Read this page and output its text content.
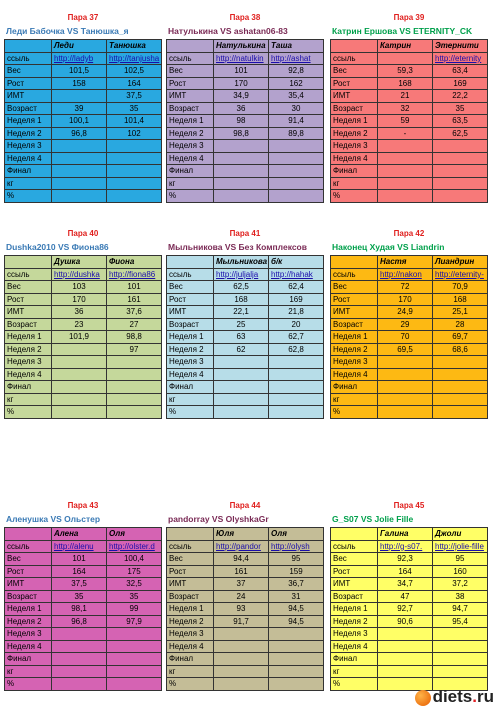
Пара 37
Леди Бабочка VS Танюшка_я
	Леди	Танюшка
ссыль	http://ladyb	http://tanjusha
Вес	101,5	102,5
Рост	158	164
ИМТ		37,5
Возраст	39	35
Неделя 1	100,1	101,4
Неделя 2	96,8	102
Неделя 3		
Неделя 4		
Финал		
кг		
%		
Пара 38
Натулькина VS ashatan06-83
	Натулькина	Таша
ссыль	http://natulkin	http://ashat
Вес	101	92,8
Рост	170	162
ИМТ	34,9	35,4
Возраст	36	30
Неделя 1	98	91,4
Неделя 2	98,8	89,8
Неделя 3		
Неделя 4		
Финал		
кг		
%		
Пара 39
Катрин Ершова VS ETERNITY_CK
	Катрин	Этернити
ссыль		http://eternity
Вес	59,3	63,4
Рост	168	169
ИМТ	21	22,2
Возраст	32	35
Неделя 1	59	63,5
Неделя 2	-	62,5
Неделя 3		
Неделя 4		
Финал		
кг		
%		
Пара 40
Dushka2010 VS Фиона86
	Душка	Фиона
ссыль	http://dushka	http://fiona86
Вес	103	101
Рост	170	161
ИМТ	36	37,6
Возраст	23	27
Неделя 1	101,9	98,8
Неделя 2		97
Неделя 3		
Неделя 4		
Финал		
кг		
%		
Пара 41
Мыльникова VS Без Комплексов
	Мыльникова	б/к
ссыль	http://juljalja	http://hahak
Вес	62,5	62,4
Рост	168	169
ИМТ	22,1	21,8
Возраст	25	20
Неделя 1	63	62,7
Неделя 2	62	62,8
Неделя 3		
Неделя 4		
Финал		
кг		
%		
Пара 42
Наконец Худая VS Liandrin
	Настя	Лиандрин
ссыль	http://nakon	http://eternity-
Вес	72	70,9
Рост	170	168
ИМТ	24,9	25,1
Возраст	29	28
Неделя 1	70	69,7
Неделя 2	69,5	68,6
Неделя 3		
Неделя 4		
Финал		
кг		
%		
Пара 43
Аленушка VS Ольстер
	Алена	Оля
ссыль	http://alenu	http://olster.d
Вес	101	100,4
Рост	164	175
ИМТ	37,5	32,5
Возраст	35	35
Неделя 1	98,1	99
Неделя 2	96,8	97,9
Неделя 3		
Неделя 4		
Финал		
кг		
%		
Пара 44
pandorray VS OlyshkaGr
	Юля	Оля
ссыль	http://pandor	http://olysh
Вес	94,4	95
Рост	161	159
ИМТ	37	36,7
Возраст	24	31
Неделя 1	93	94,5
Неделя 2	91,7	94,5
Неделя 3		
Неделя 4		
Финал		
кг		
%		
Пара 45
G_S07 VS Jolie Fille
	Галина	Джоли
ссыль	http://g-s07.	http://jolie-fille
Вес	92,3	95
Рост	164	160
ИМТ	34,7	37,2
Возраст	47	38
Неделя 1	92,7	94,7
Неделя 2	90,6	95,4
Неделя 3		
Неделя 4		
Финал		
кг		
%		
diets.ru
